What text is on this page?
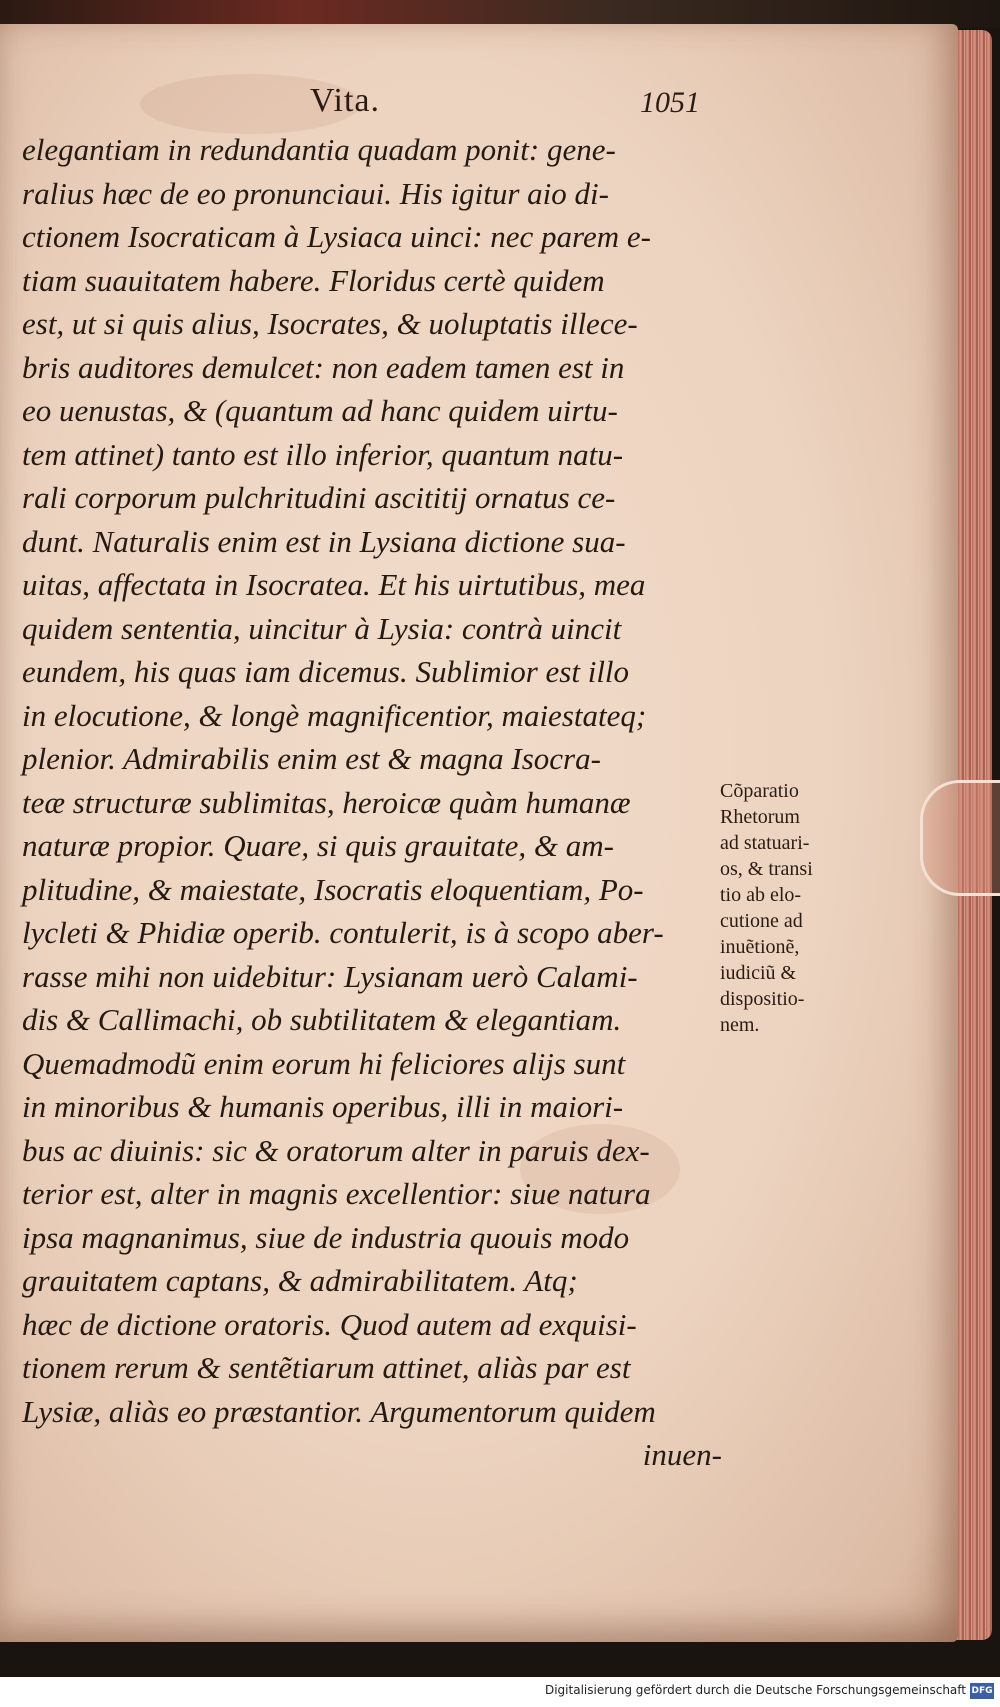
Vita.	1051
elegantiam in redundantia quadam ponit: gene-
ralius hæc de eo pronunciaui. His igitur aio di-
ctionem Isocraticam à Lysiaca uinci: nec parem e-
tiam suauitatem habere. Floridus certè quidem
est, ut si quis alius, Isocrates, & uoluptatis illece-
bris auditores demulcet: non eadem tamen est in
eo uenustas, & (quantum ad hanc quidem uirtu-
tem attinet) tanto est illo inferior, quantum natu-
rali corporum pulchritudini ascititij ornatus ce-
dunt. Naturalis enim est in Lysiana dictione sua-
uitas, affectata in Isocratea. Et his uirtutibus, mea
quidem sententia, uincitur à Lysia: contrà uincit
eundem, his quas iam dicemus. Sublimior est illo
in elocutione, & longè magnificentior, maiestateq;
plenior. Admirabilis enim est & magna Isocra-
teæ structuræ sublimitas, heroicæ quàm humanæ
naturæ propior. Quare, si quis grauitate, & am-
plitudine, & maiestate, Isocratis eloquentiam, Po-
lycleti & Phidiæ operib. contulerit, is à scopo aber-
rasse mihi non uidebitur: Lysianam uerò Calami-
dis & Callimachi, ob subtilitatem & elegantiam.
Quemadmodũ enim eorum hi feliciores alijs sunt
in minoribus & humanis operibus, illi in maiori-
bus ac diuinis: sic & oratorum alter in paruis dex-
terior est, alter in magnis excellentior: siue natura
ipsa magnanimus, siue de industria quouis modo
grauitatem captans, & admirabilitatem. Atq;
hæc de dictione oratoris. Quod autem ad exquisi-
tionem rerum & sentẽtiarum attinet, aliàs par est
Lysiæ, aliàs eo præstantior. Argumentorum quidem
inuen-
Cõparatio
Rhetorum
ad statuari-
os, & transi
tio ab elo-
cutione ad
inuẽtionẽ,
iudiciũ &
dispositio-
nem.
Digitalisierung gefördert durch die Deutsche Forschungsgemeinschaft DFG
